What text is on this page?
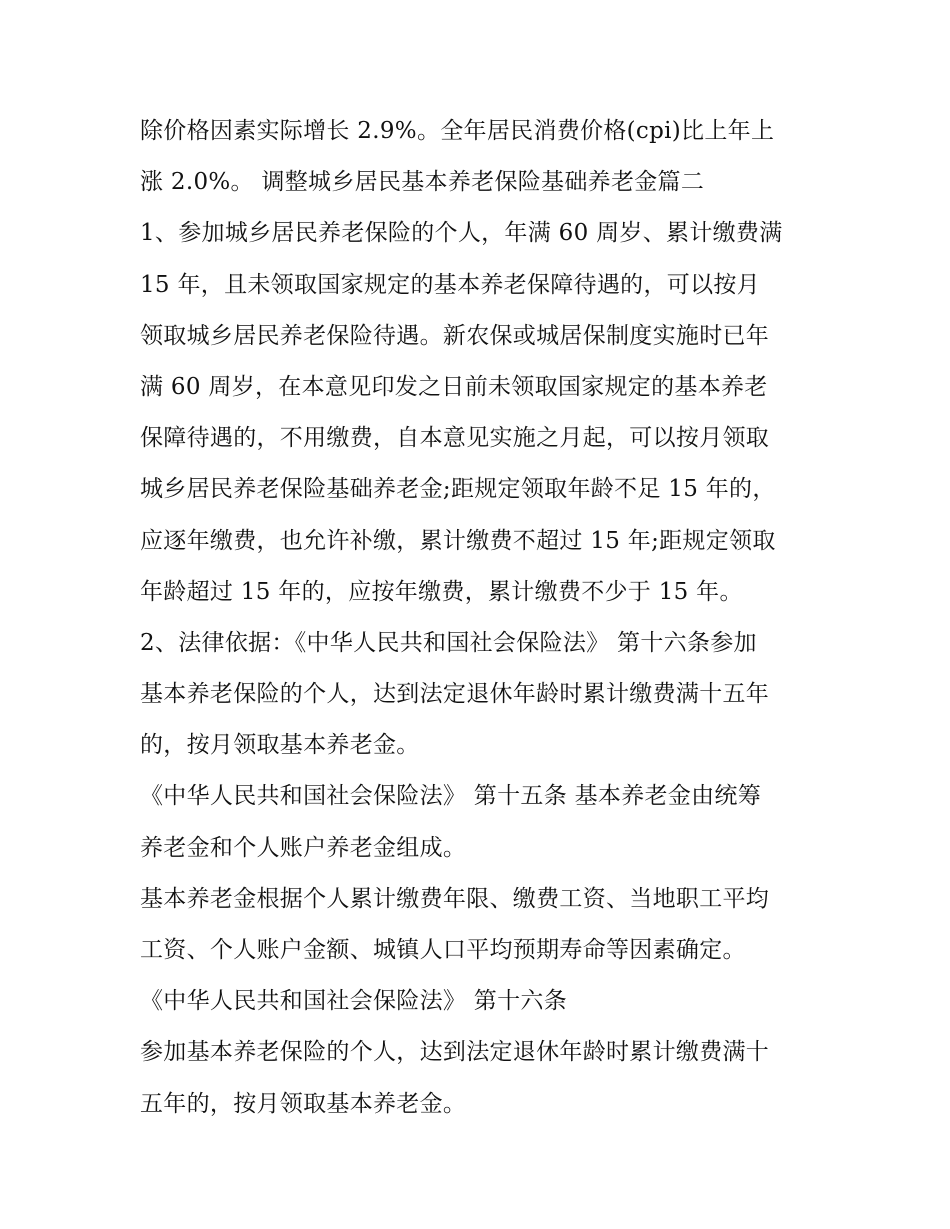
除价格因素实际增长 2.9%。全年居民消费价格(cpi)比上年上
涨 2.0%。 调整城乡居民基本养老保险基础养老金篇二
1、参加城乡居民养老保险的个人，年满 60 周岁、累计缴费满
15 年，且未领取国家规定的基本养老保障待遇的，可以按月
领取城乡居民养老保险待遇。新农保或城居保制度实施时已年
满 60 周岁，在本意见印发之日前未领取国家规定的基本养老
保障待遇的，不用缴费，自本意见实施之月起，可以按月领取
城乡居民养老保险基础养老金;距规定领取年龄不足 15 年的，
应逐年缴费，也允许补缴，累计缴费不超过 15 年;距规定领取
年龄超过 15 年的，应按年缴费，累计缴费不少于 15 年。
2、法律依据：《中华人民共和国社会保险法》 第十六条参加
基本养老保险的个人，达到法定退休年龄时累计缴费满十五年
的，按月领取基本养老金。
《中华人民共和国社会保险法》 第十五条 基本养老金由统筹
养老金和个人账户养老金组成。
基本养老金根据个人累计缴费年限、缴费工资、当地职工平均
工资、个人账户金额、城镇人口平均预期寿命等因素确定。
《中华人民共和国社会保险法》 第十六条
参加基本养老保险的个人，达到法定退休年龄时累计缴费满十
五年的，按月领取基本养老金。
